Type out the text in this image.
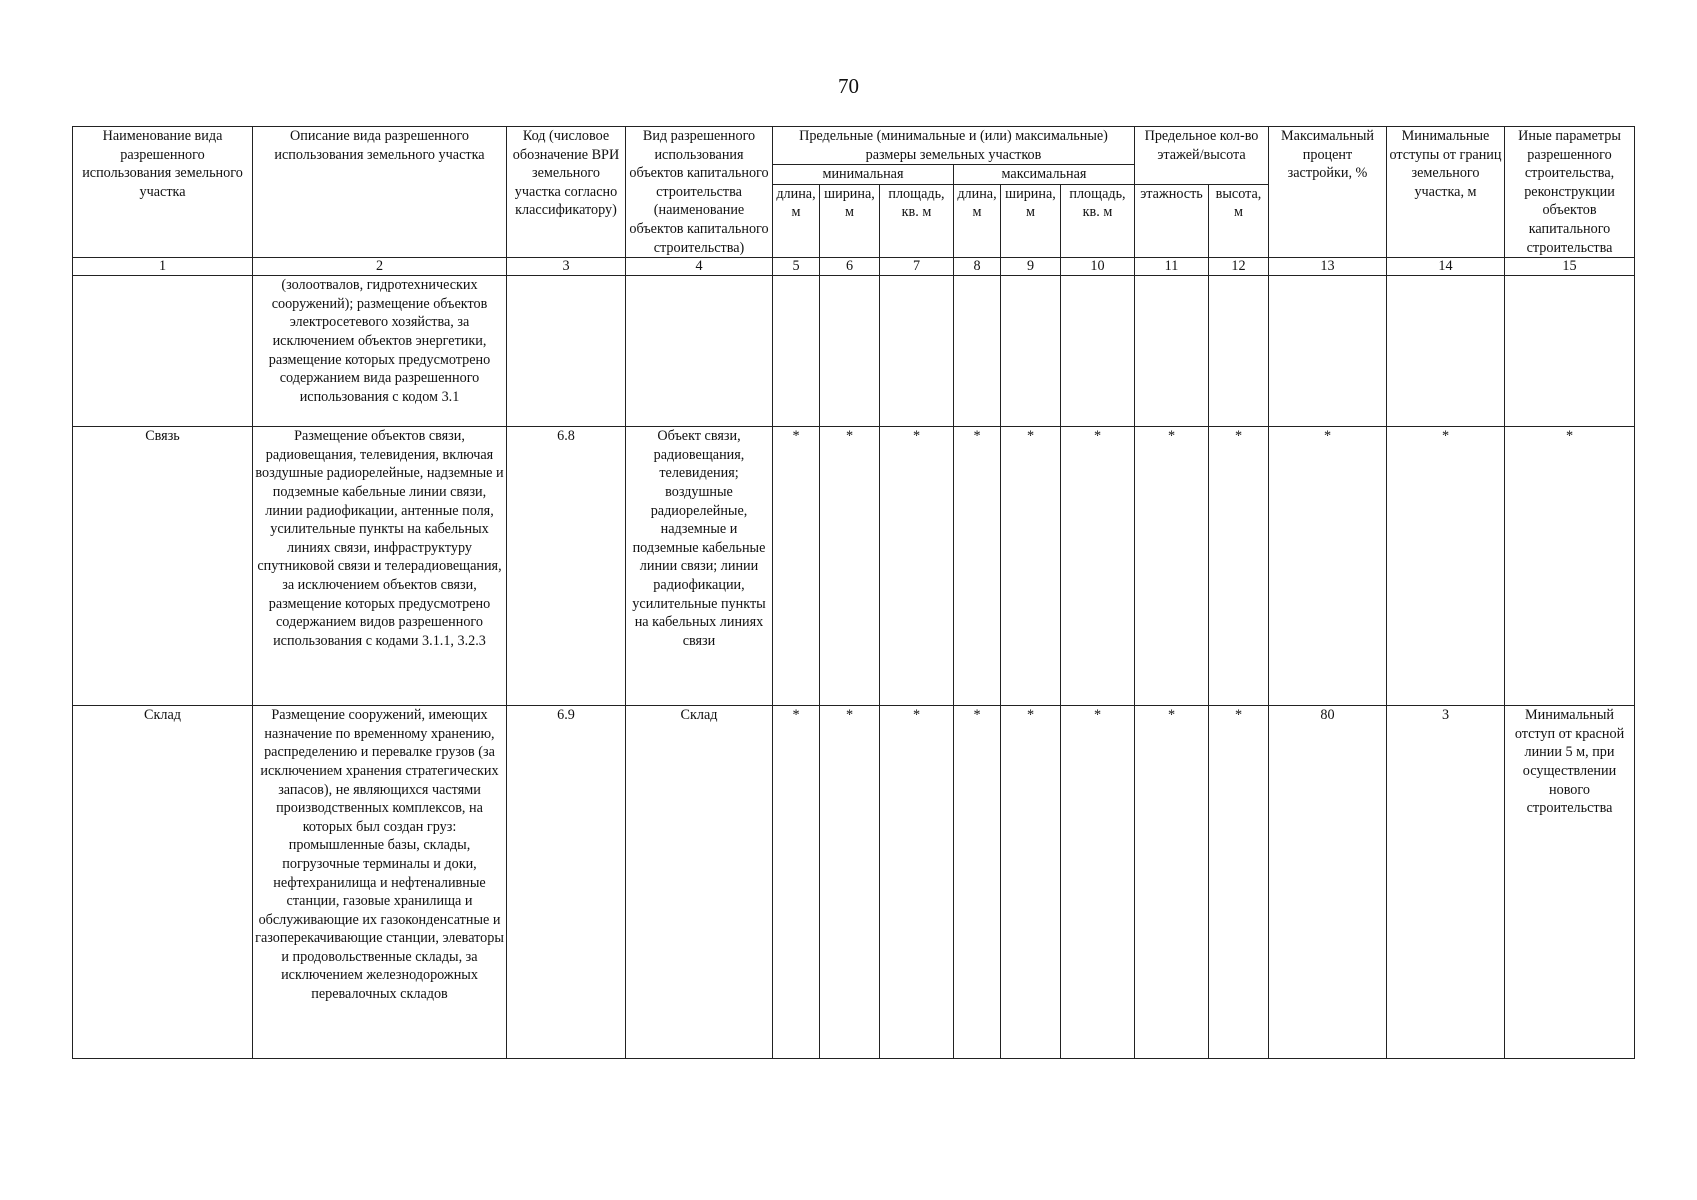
70
Наименование вида разрешенного использования земельного участка	Описание вида разрешенного использования земельного участка	Код (числовое обозначение ВРИ земельного участка согласно классификатору)	Вид разрешенного использования объектов капитального строительства (наименование объектов капитального строительства)	Предельные (минимальные и (или) максимальные) размеры земельных участков						Предельное кол-во этажей/высота		Максимальный процент застройки, %	Минимальные отступы от границ земельного участка, м	Иные параметры разрешенного строительства, реконструкции объектов капитального строительства
				минимальная			максимальная							
				длина, м	ширина, м	площадь, кв. м	длина, м	ширина, м	площадь, кв. м	этажность	высота, м			
1	2	3	4	5	6	7	8	9	10	11	12	13	14	15
	(золоотвалов, гидротехнических сооружений); размещение объектов электросетевого хозяйства, за исключением объектов энергетики, размещение которых предусмотрено содержанием вида разрешенного использования с кодом 3.1													
Связь	Размещение объектов связи, радиовещания, телевидения, включая воздушные радиорелейные, надземные и подземные кабельные линии связи, линии радиофикации, антенные поля, усилительные пункты на кабельных линиях связи, инфраструктуру спутниковой связи и телерадиовещания, за исключением объектов связи, размещение которых предусмотрено содержанием видов разрешенного использования с кодами 3.1.1, 3.2.3	6.8	Объект связи, радиовещания, телевидения; воздушные радиорелейные, надземные и подземные кабельные линии связи; линии радиофикации, усилительные пункты на кабельных линиях связи	*	*	*	*	*	*	*	*	*	*	*
Склад	Размещение сооружений, имеющих назначение по временному хранению, распределению и перевалке грузов (за исключением хранения стратегических запасов), не являющихся частями производственных комплексов, на которых был создан груз: промышленные базы, склады, погрузочные терминалы и доки, нефтехранилища и нефтеналивные станции, газовые хранилища и обслуживающие их газоконденсатные и газоперекачивающие станции, элеваторы и продовольственные склады, за исключением железнодорожных перевалочных складов	6.9	Склад	*	*	*	*	*	*	*	*	80	3	Минимальный отступ от красной линии 5 м, при осуществлении нового строительства
